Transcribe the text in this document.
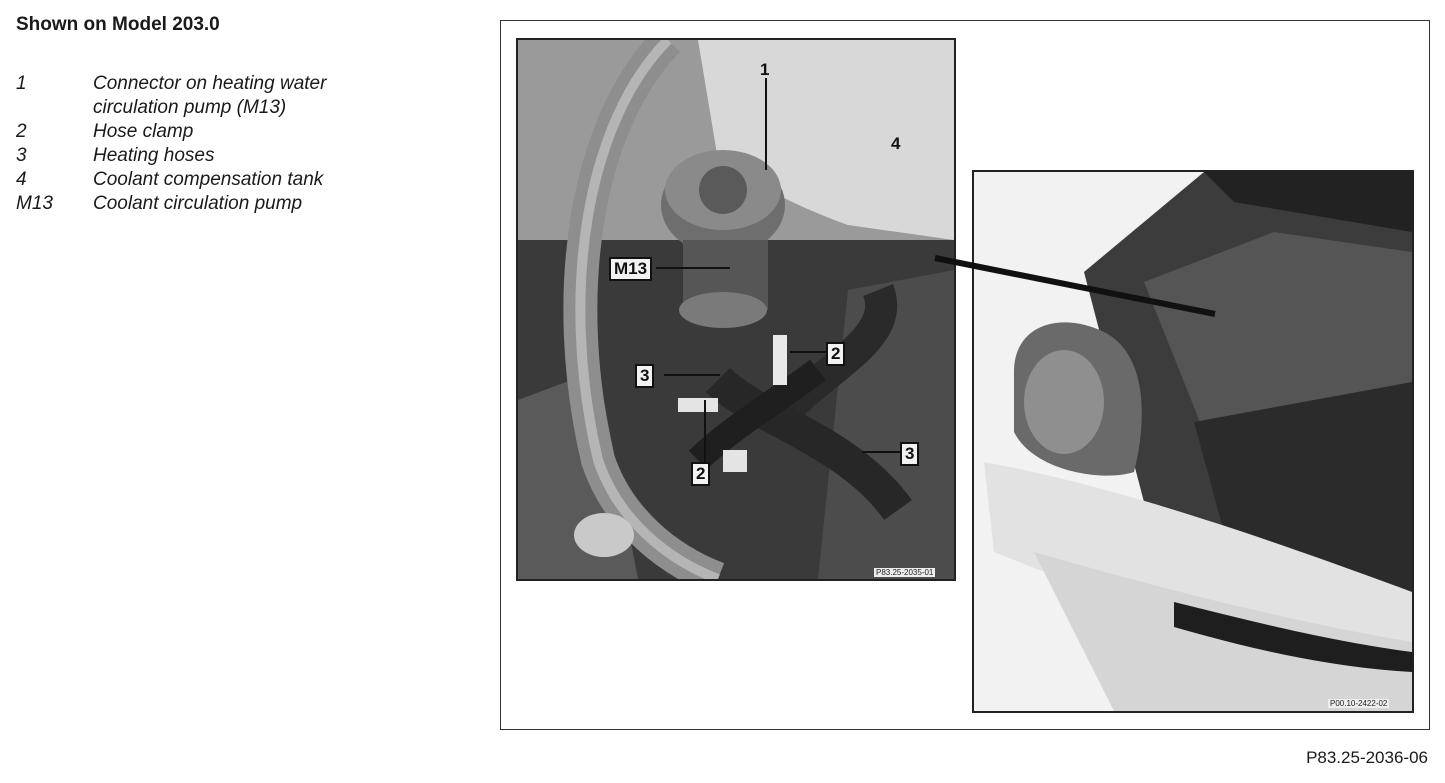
Shown on Model 203.0
1	Connector on heating water circulation pump (M13)
2	Hose clamp
3	Heating hoses
4	Coolant compensation tank
M13	Coolant circulation pump
P83.25-2035-01
P00.10-2422-02
1
4
M13
2
3
2
3
P83.25-2036-06
